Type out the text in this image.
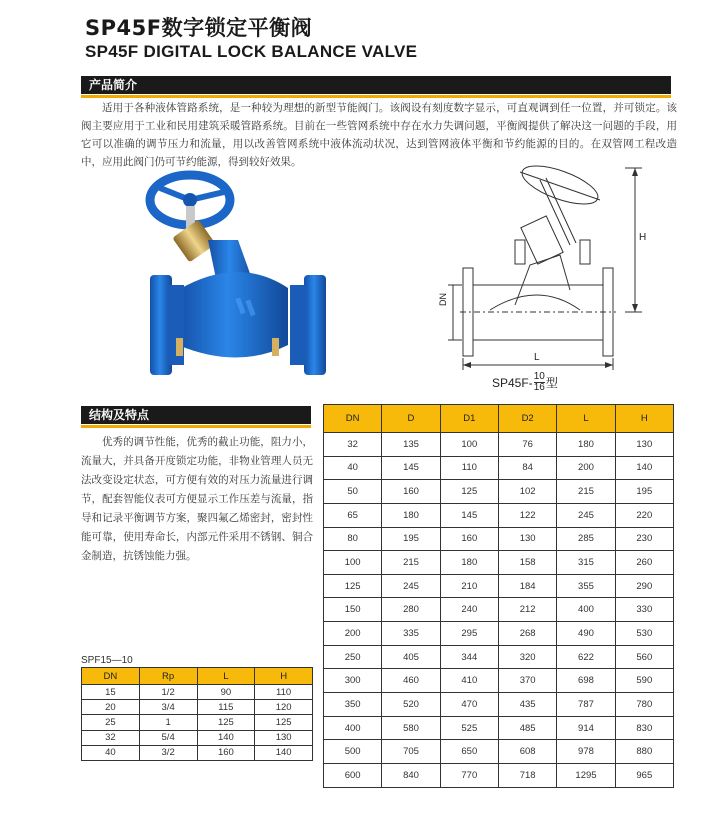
SP45F数字锁定平衡阀
SP45F DIGITAL LOCK BALANCE VALVE
产品简介

适用于各种液体管路系统，是一种较为理想的新型节能阀门。该阀设有刻度数字显示，可直观调到任一位置，并可锁定。该阀主要应用于工业和民用建筑采暖管路系统。目前在一些管网系统中存在水力失调问题，平衡阀提供了解决这一问题的手段，用它可以准确的调节压力和流量，用以改善管网系统中液体流动状况，达到管网液体平衡和节约能源的目的。在双管网工程改造中，应用此阀门仍可节约能源，得到较好效果。

H
DN
L
SP45F- 10
16 型
结构及特点

优秀的调节性能，优秀的截止功能，阻力小，流量大，并具备开度锁定功能，非物业管理人员无法改变设定状态，可方便有效的对压力流量进行调节，配套智能仪表可方便显示工作压差与流量，指导和记录平衡调节方案，聚四氟乙烯密封，密封性能可靠，使用寿命长，内部元件采用不锈钢、铜合金制造，抗锈蚀能力强。

SPF15—10
DN	D	D1	D2	L	H
32	135	100	76	180	130
40	145	110	84	200	140
50	160	125	102	215	195
65	180	145	122	245	220
80	195	160	130	285	230
100	215	180	158	315	260
125	245	210	184	355	290
150	280	240	212	400	330
200	335	295	268	490	530
250	405	344	320	622	560
300	460	410	370	698	590
350	520	470	435	787	780
400	580	525	485	914	830
500	705	650	608	978	880
600	840	770	718	1295	965
DN	Rp	L	H
15	1/2	90	110
20	3/4	115	120
25	1	125	125
32	5/4	140	130
40	3/2	160	140
